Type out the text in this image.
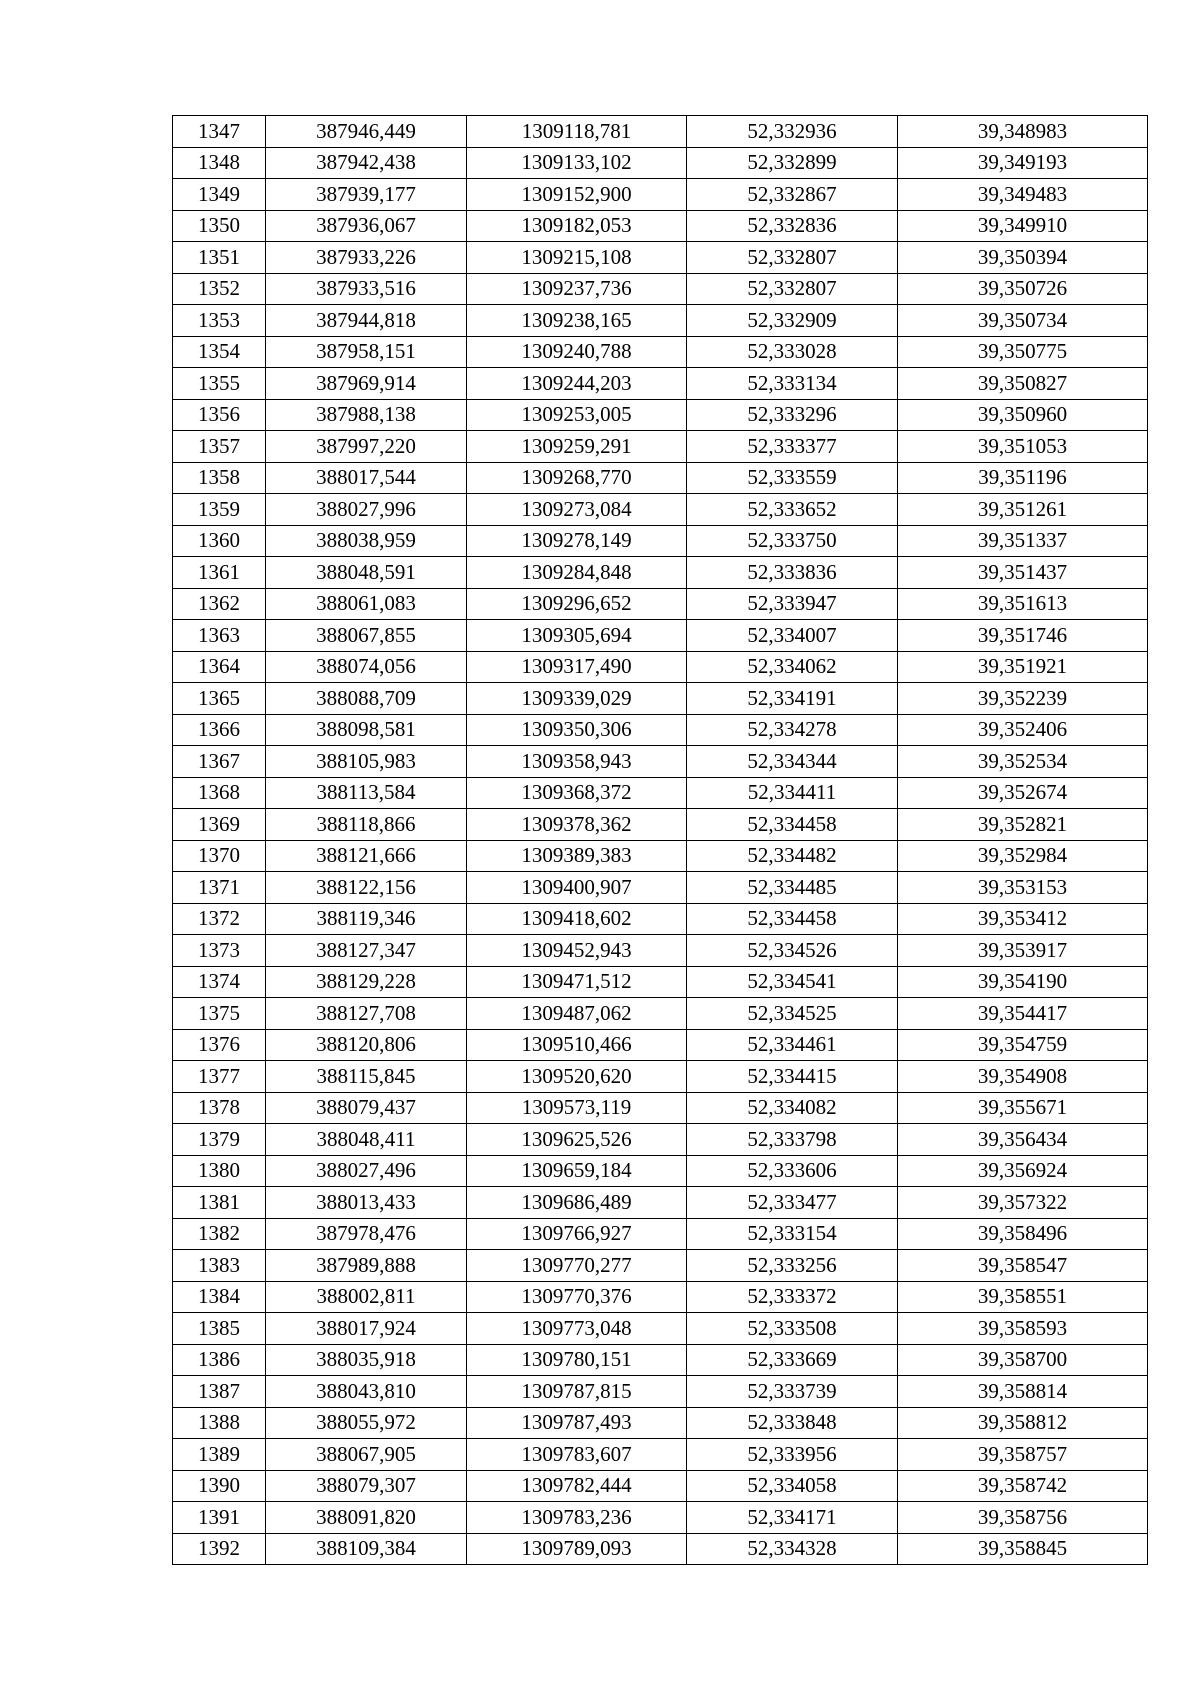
1347	387946,449	1309118,781	52,332936	39,348983
1348	387942,438	1309133,102	52,332899	39,349193
1349	387939,177	1309152,900	52,332867	39,349483
1350	387936,067	1309182,053	52,332836	39,349910
1351	387933,226	1309215,108	52,332807	39,350394
1352	387933,516	1309237,736	52,332807	39,350726
1353	387944,818	1309238,165	52,332909	39,350734
1354	387958,151	1309240,788	52,333028	39,350775
1355	387969,914	1309244,203	52,333134	39,350827
1356	387988,138	1309253,005	52,333296	39,350960
1357	387997,220	1309259,291	52,333377	39,351053
1358	388017,544	1309268,770	52,333559	39,351196
1359	388027,996	1309273,084	52,333652	39,351261
1360	388038,959	1309278,149	52,333750	39,351337
1361	388048,591	1309284,848	52,333836	39,351437
1362	388061,083	1309296,652	52,333947	39,351613
1363	388067,855	1309305,694	52,334007	39,351746
1364	388074,056	1309317,490	52,334062	39,351921
1365	388088,709	1309339,029	52,334191	39,352239
1366	388098,581	1309350,306	52,334278	39,352406
1367	388105,983	1309358,943	52,334344	39,352534
1368	388113,584	1309368,372	52,334411	39,352674
1369	388118,866	1309378,362	52,334458	39,352821
1370	388121,666	1309389,383	52,334482	39,352984
1371	388122,156	1309400,907	52,334485	39,353153
1372	388119,346	1309418,602	52,334458	39,353412
1373	388127,347	1309452,943	52,334526	39,353917
1374	388129,228	1309471,512	52,334541	39,354190
1375	388127,708	1309487,062	52,334525	39,354417
1376	388120,806	1309510,466	52,334461	39,354759
1377	388115,845	1309520,620	52,334415	39,354908
1378	388079,437	1309573,119	52,334082	39,355671
1379	388048,411	1309625,526	52,333798	39,356434
1380	388027,496	1309659,184	52,333606	39,356924
1381	388013,433	1309686,489	52,333477	39,357322
1382	387978,476	1309766,927	52,333154	39,358496
1383	387989,888	1309770,277	52,333256	39,358547
1384	388002,811	1309770,376	52,333372	39,358551
1385	388017,924	1309773,048	52,333508	39,358593
1386	388035,918	1309780,151	52,333669	39,358700
1387	388043,810	1309787,815	52,333739	39,358814
1388	388055,972	1309787,493	52,333848	39,358812
1389	388067,905	1309783,607	52,333956	39,358757
1390	388079,307	1309782,444	52,334058	39,358742
1391	388091,820	1309783,236	52,334171	39,358756
1392	388109,384	1309789,093	52,334328	39,358845
